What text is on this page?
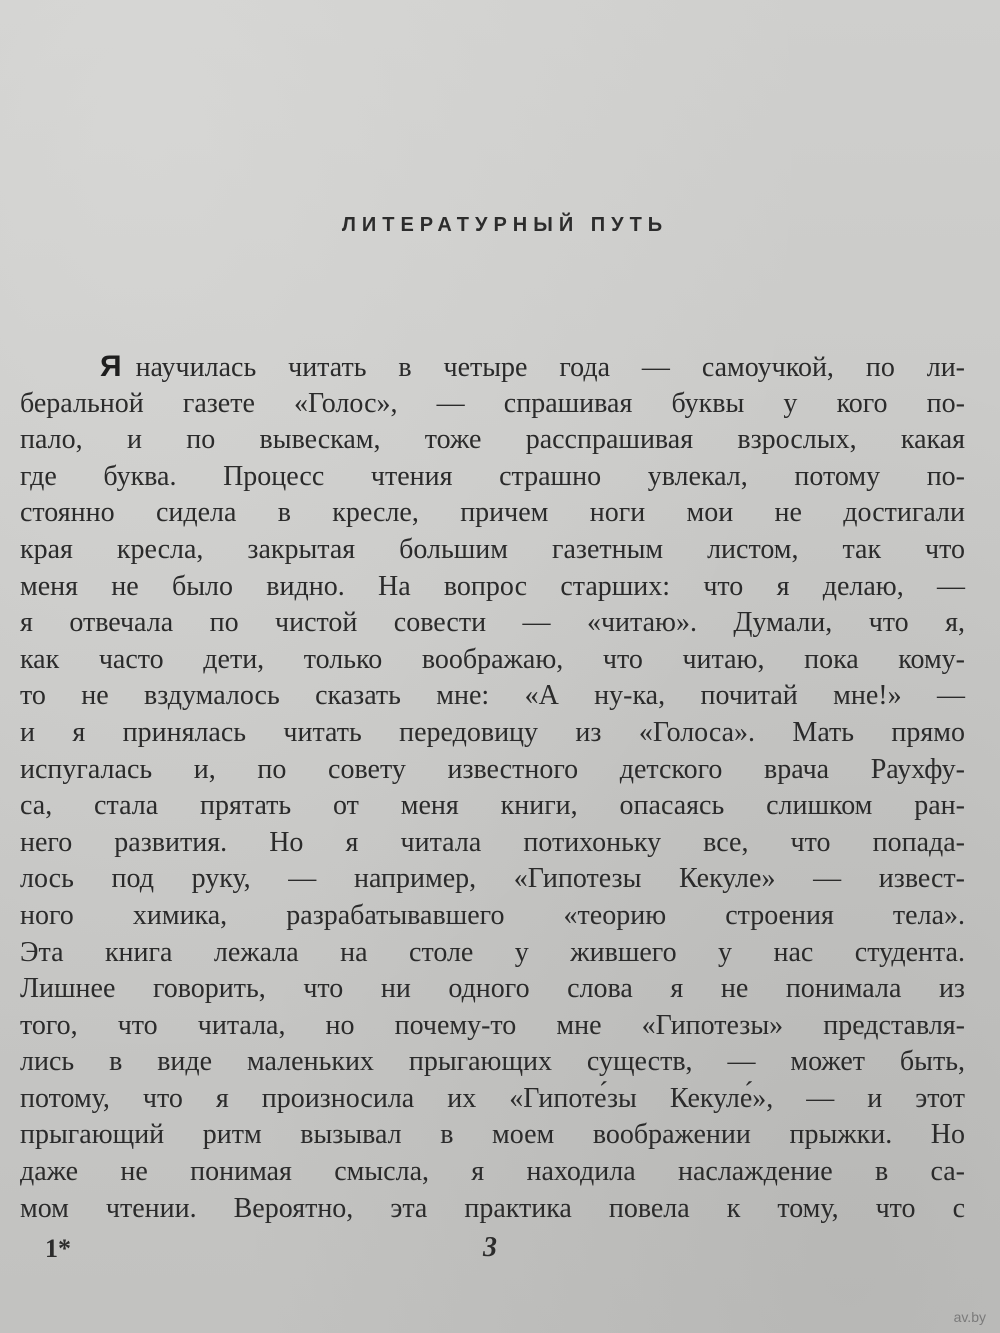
ЛИТЕРАТУРНЫЙ ПУТЬ
Я научилась читать в четыре года — самоучкой, по ли-
беральной газете «Голос», — спрашивая буквы у кого по-
пало, и по вывескам, тоже расспрашивая взрослых, какая
где буква. Процесс чтения страшно увлекал, потому по-
стоянно сидела в кресле, причем ноги мои не достигали
края кресла, закрытая большим газетным листом, так что
меня не было видно. На вопрос старших: что я делаю, —
я отвечала по чистой совести — «читаю». Думали, что я,
как часто дети, только воображаю, что читаю, пока кому-
то не вздумалось сказать мне: «А ну-ка, почитай мне!» —
и я принялась читать передовицу из «Голоса». Мать прямо
испугалась и, по совету известного детского врача Раухфу-
са, стала прятать от меня книги, опасаясь слишком ран-
него развития. Но я читала потихоньку все, что попада-
лось под руку, — например, «Гипотезы Кекуле» — извест-
ного химика, разрабатывавшего «теорию строения тела».
Эта книга лежала на столе у жившего у нас студента.
Лишнее говорить, что ни одного слова я не понимала из
того, что читала, но почему-то мне «Гипотезы» представля-
лись в виде маленьких прыгающих существ, — может быть,
потому, что я произносила их «Гипоте́зы Кекуле́», — и этот
прыгающий ритм вызывал в моем воображении прыжки. Но
даже не понимая смысла, я находила наслаждение в са-
мом чтении. Вероятно, эта практика повела к тому, что с
1*	3
av.by
